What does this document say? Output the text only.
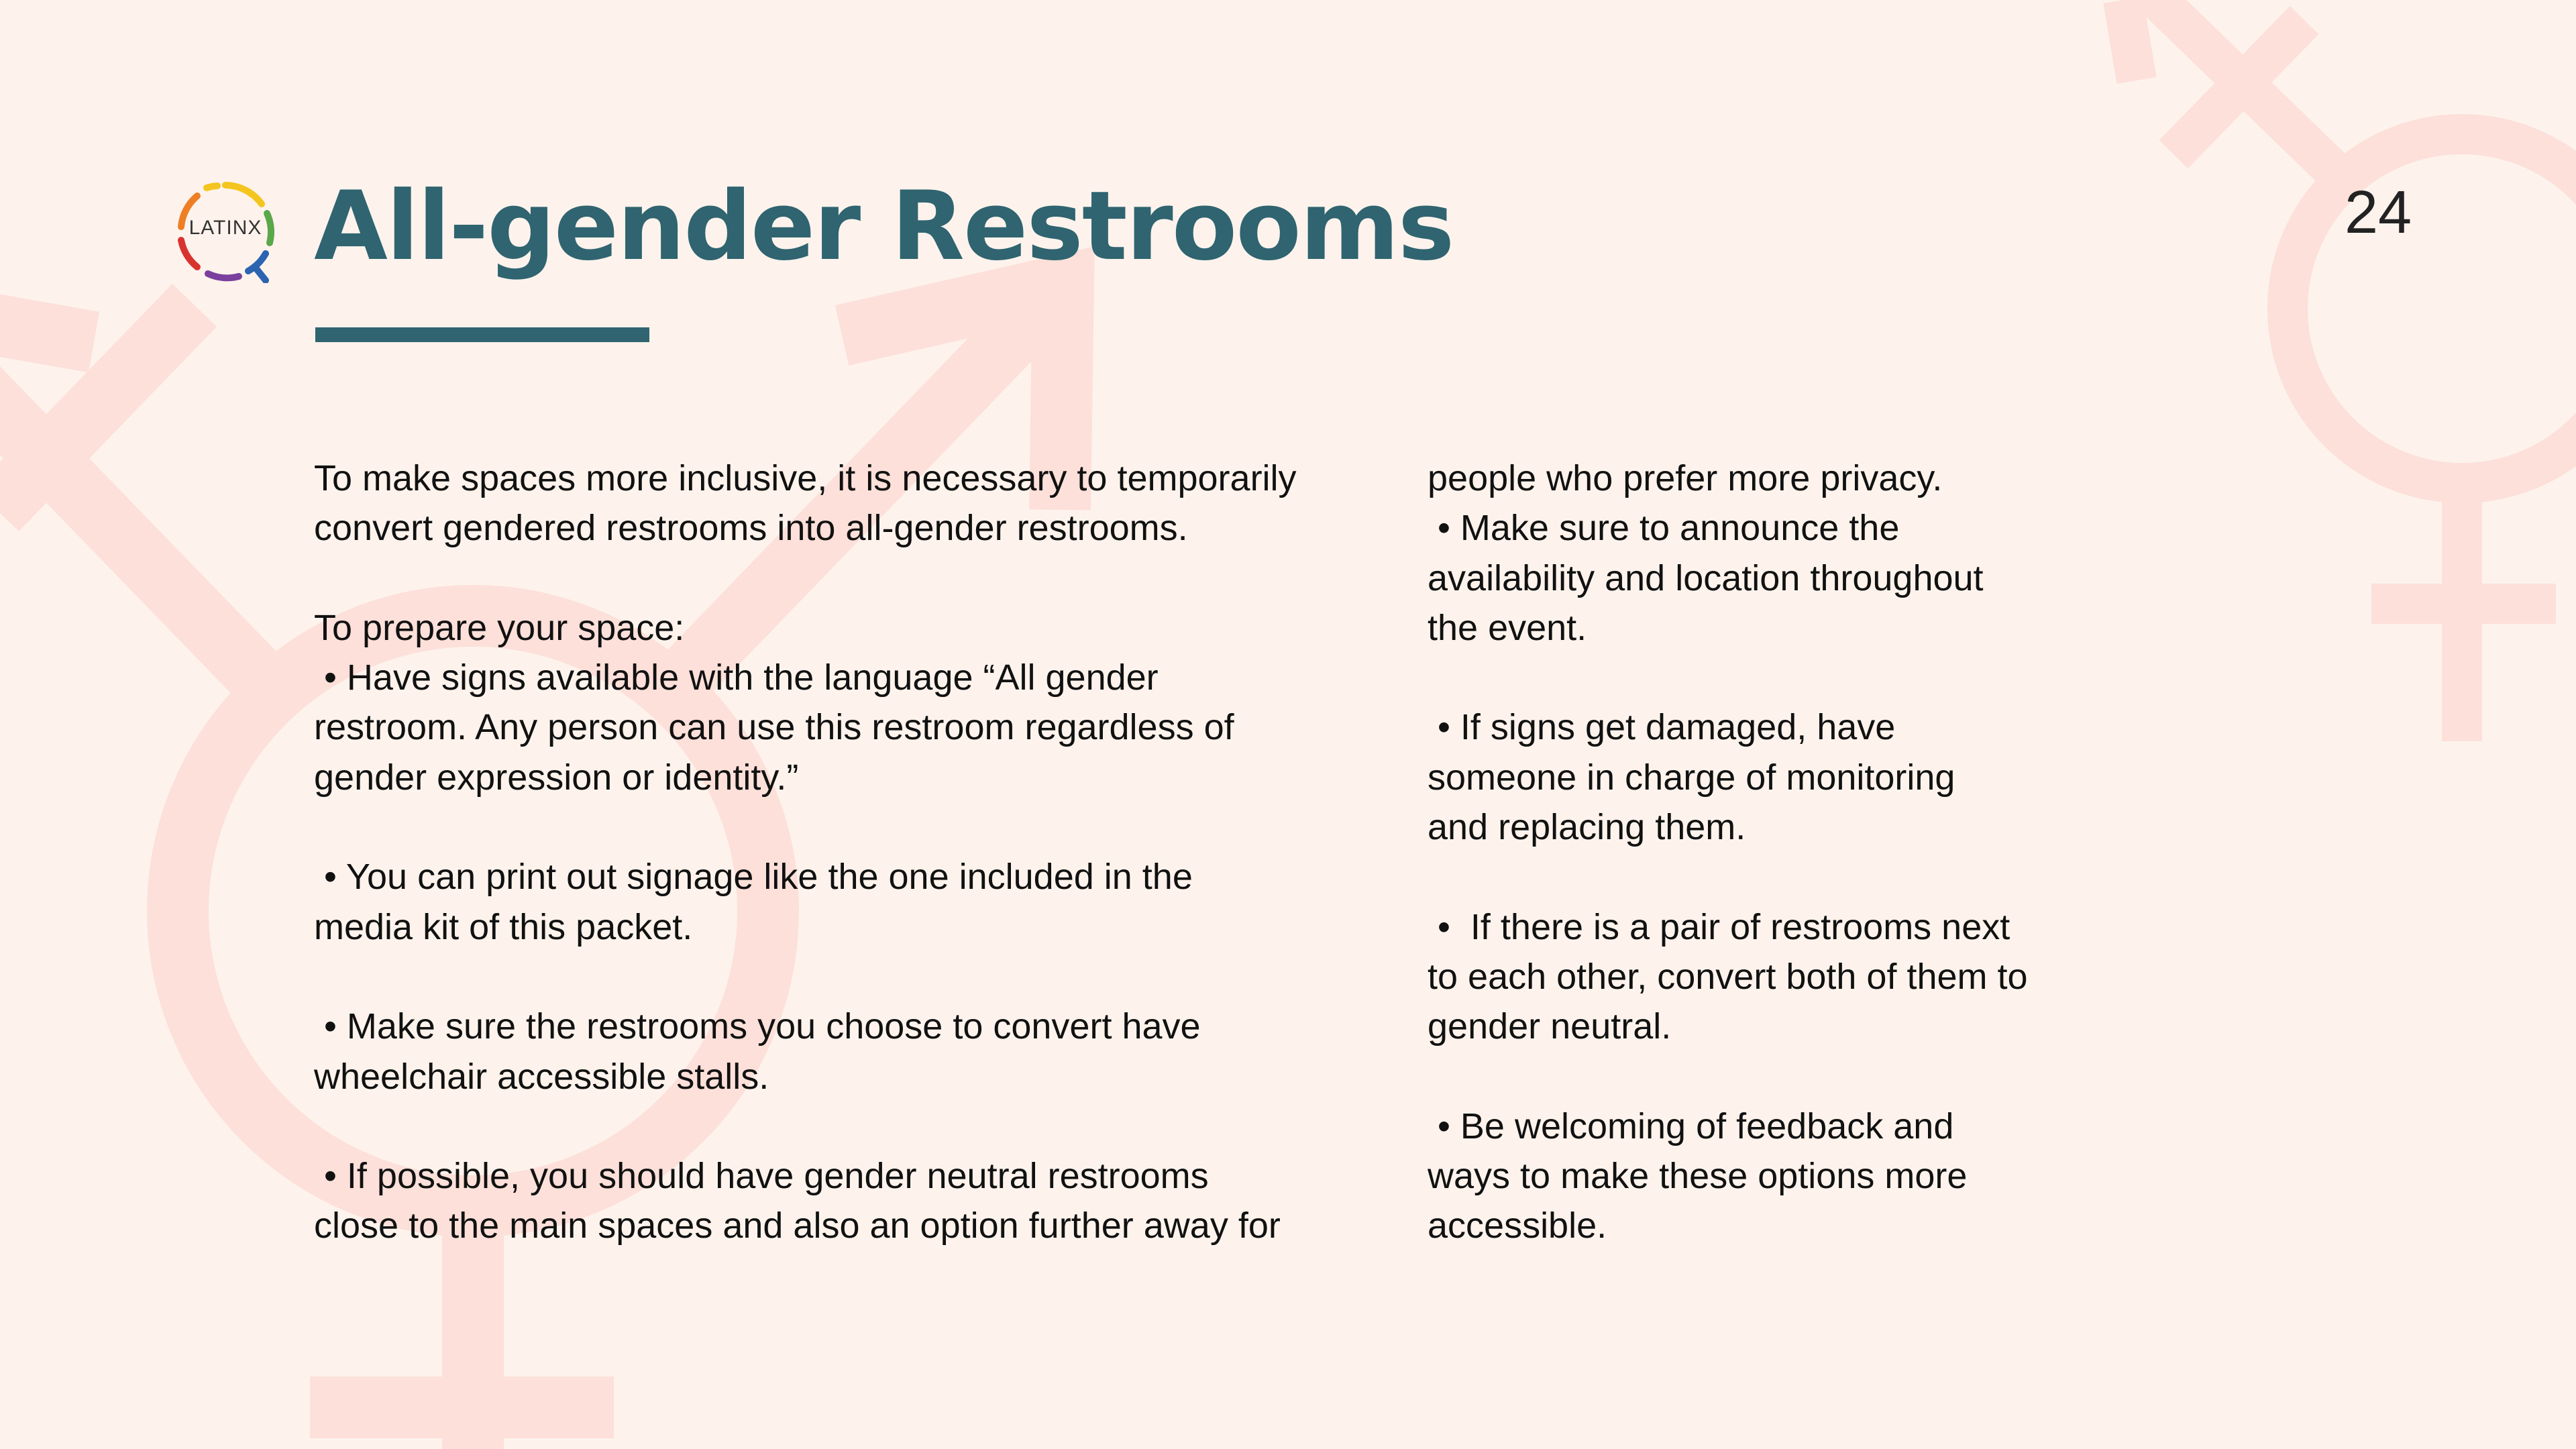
LATINX All-gender Restrooms	24
To make spaces more inclusive, it is necessary to temporarily
convert gendered restrooms into all-gender restrooms.
To prepare your space:
• Have signs available with the language “All gender
restroom. Any person can use this restroom regardless of
gender expression or identity.”
• You can print out signage like the one included in the
media kit of this packet.
• Make sure the restrooms you choose to convert have
wheelchair accessible stalls.
• If possible, you should have gender neutral restrooms
close to the main spaces and also an option further away for
people who prefer more privacy.
• Make sure to announce the
availability and location throughout
the event.
• If signs get damaged, have
someone in charge of monitoring
and replacing them.
•  If there is a pair of restrooms next
to each other, convert both of them to
gender neutral.
• Be welcoming of feedback and
ways to make these options more
accessible.
